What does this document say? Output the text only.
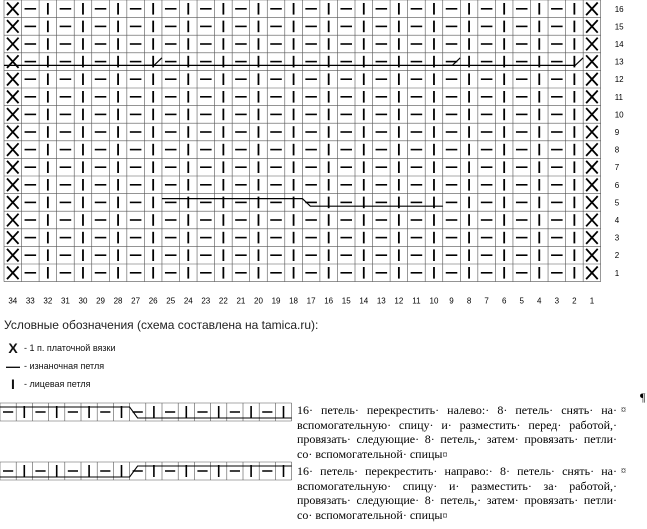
16
15
14
13
12
11
10
9
8
7
6
5
4
3
2
1
34 33 32 31 30 29 28 27 26 25 24 23 22 21 20 19 18 17 16 15 14 13 12 11 10 9 8 7 6 5 4 3 2 1
Условные обозначения (схема составлена на tamica.ru):
X - 1 п. платочной вязки
— - изнаночная петля
I	- лицевая петля
16· петель· перекрестить· налево:· 8· петель· снять· на· вспомогательную· спицу· и· разместить· перед· работой,· провязать· следующие· 8· петель,· затем· провязать· петли· со· вспомогательной· спицы¤
¤
16· петель· перекрестить· направо:· 8· петель· снять· на· вспомогательную· спицу· и· разместить· за· работой,· провязать· следующие· 8· петель,· затем· провязать· петли· со· вспомогательной· спицы¤
¤
¶
